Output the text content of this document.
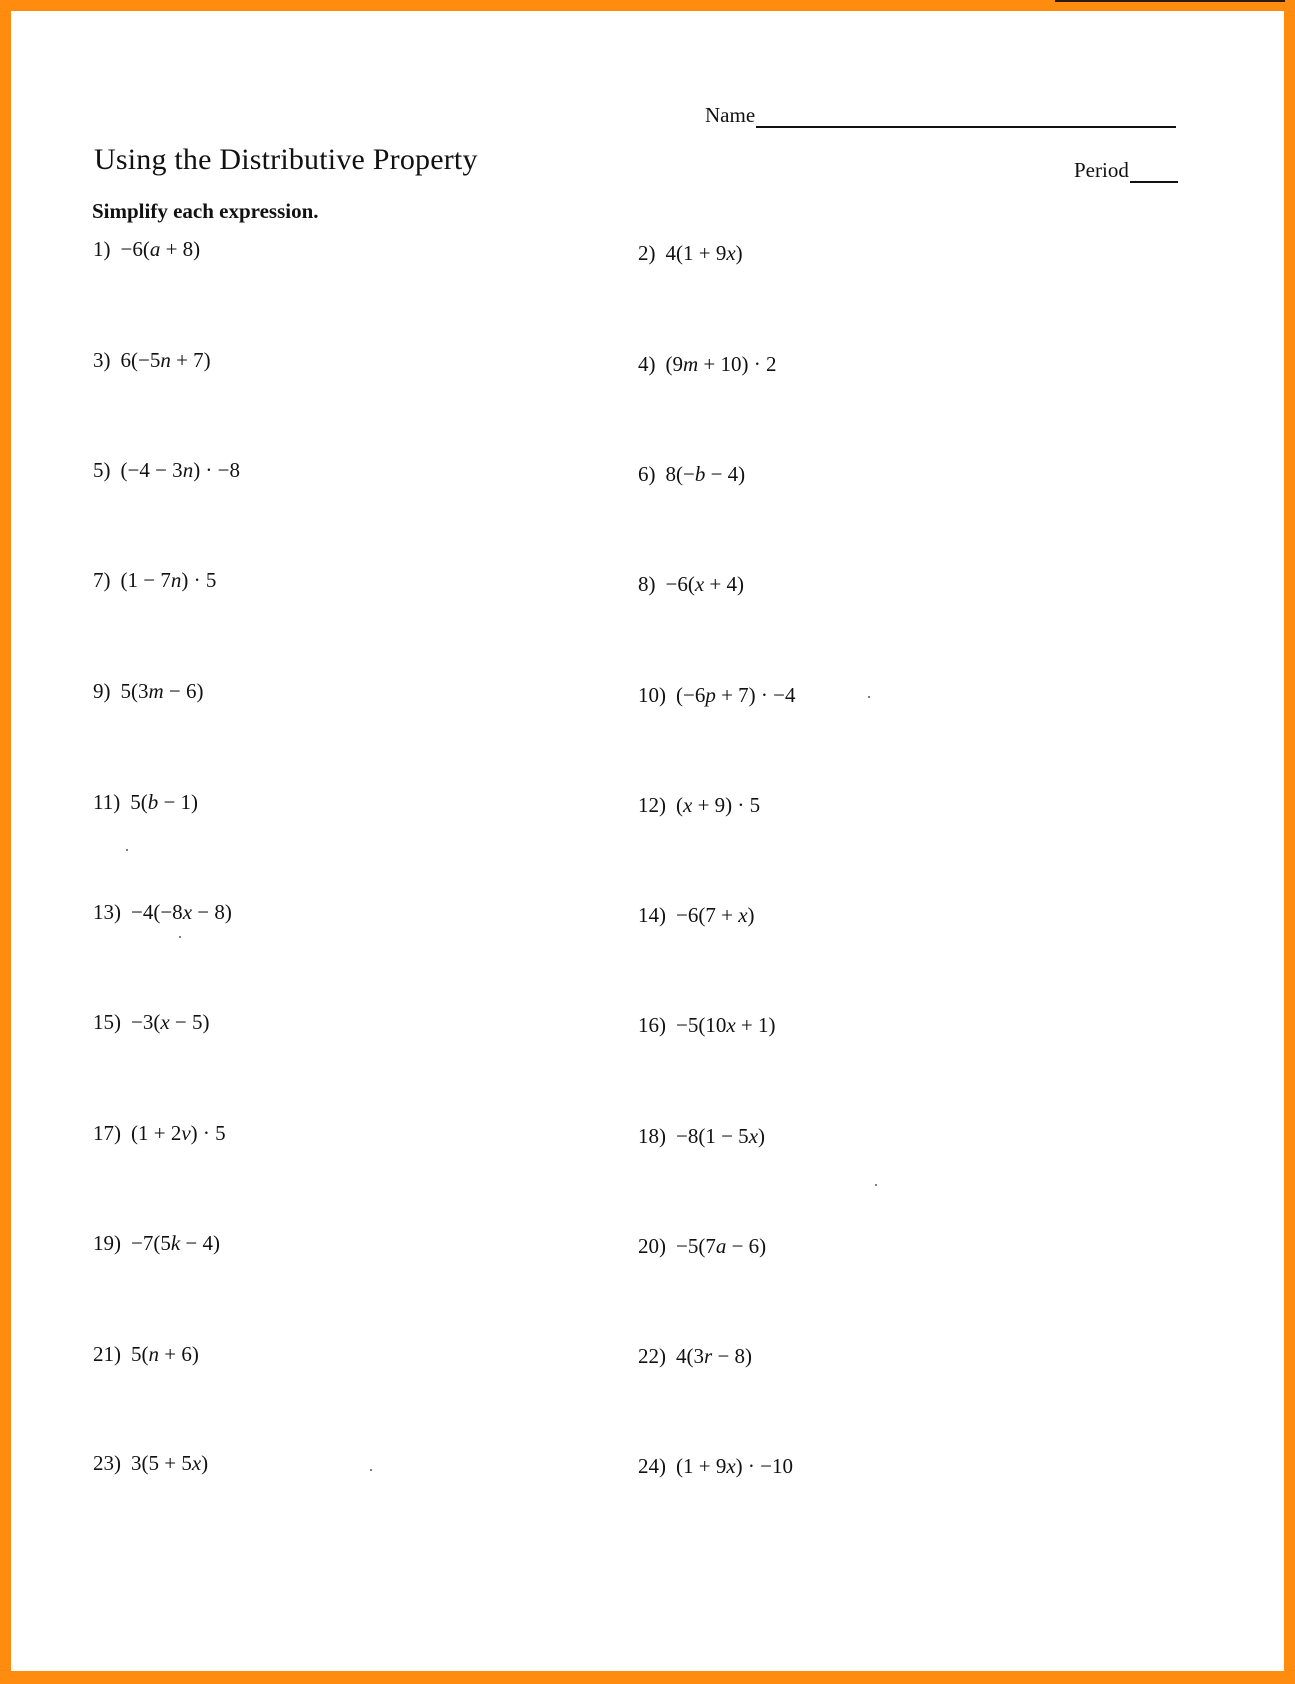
Name
Using the Distributive Property	Period

Simplify each expression.

1) −6(a + 8)	2) 4(1 + 9x)
3) 6(−5n + 7)	4) (9m + 10) · 2
5) (−4 − 3n) · −8	6) 8(−b − 4)
7) (1 − 7n) · 5	8) −6(x + 4)
9) 5(3m − 6)	10) (−6p + 7) · −4
11) 5(b − 1)	12) (x + 9) · 5
13) −4(−8x − 8)	14) −6(7 + x)
15) −3(x − 5)	16) −5(10x + 1)
17) (1 + 2v) · 5	18) −8(1 − 5x)
19) −7(5k − 4)	20) −5(7a − 6)
21) 5(n + 6)	22) 4(3r − 8)
23) 3(5 + 5x)	24) (1 + 9x) · −10
